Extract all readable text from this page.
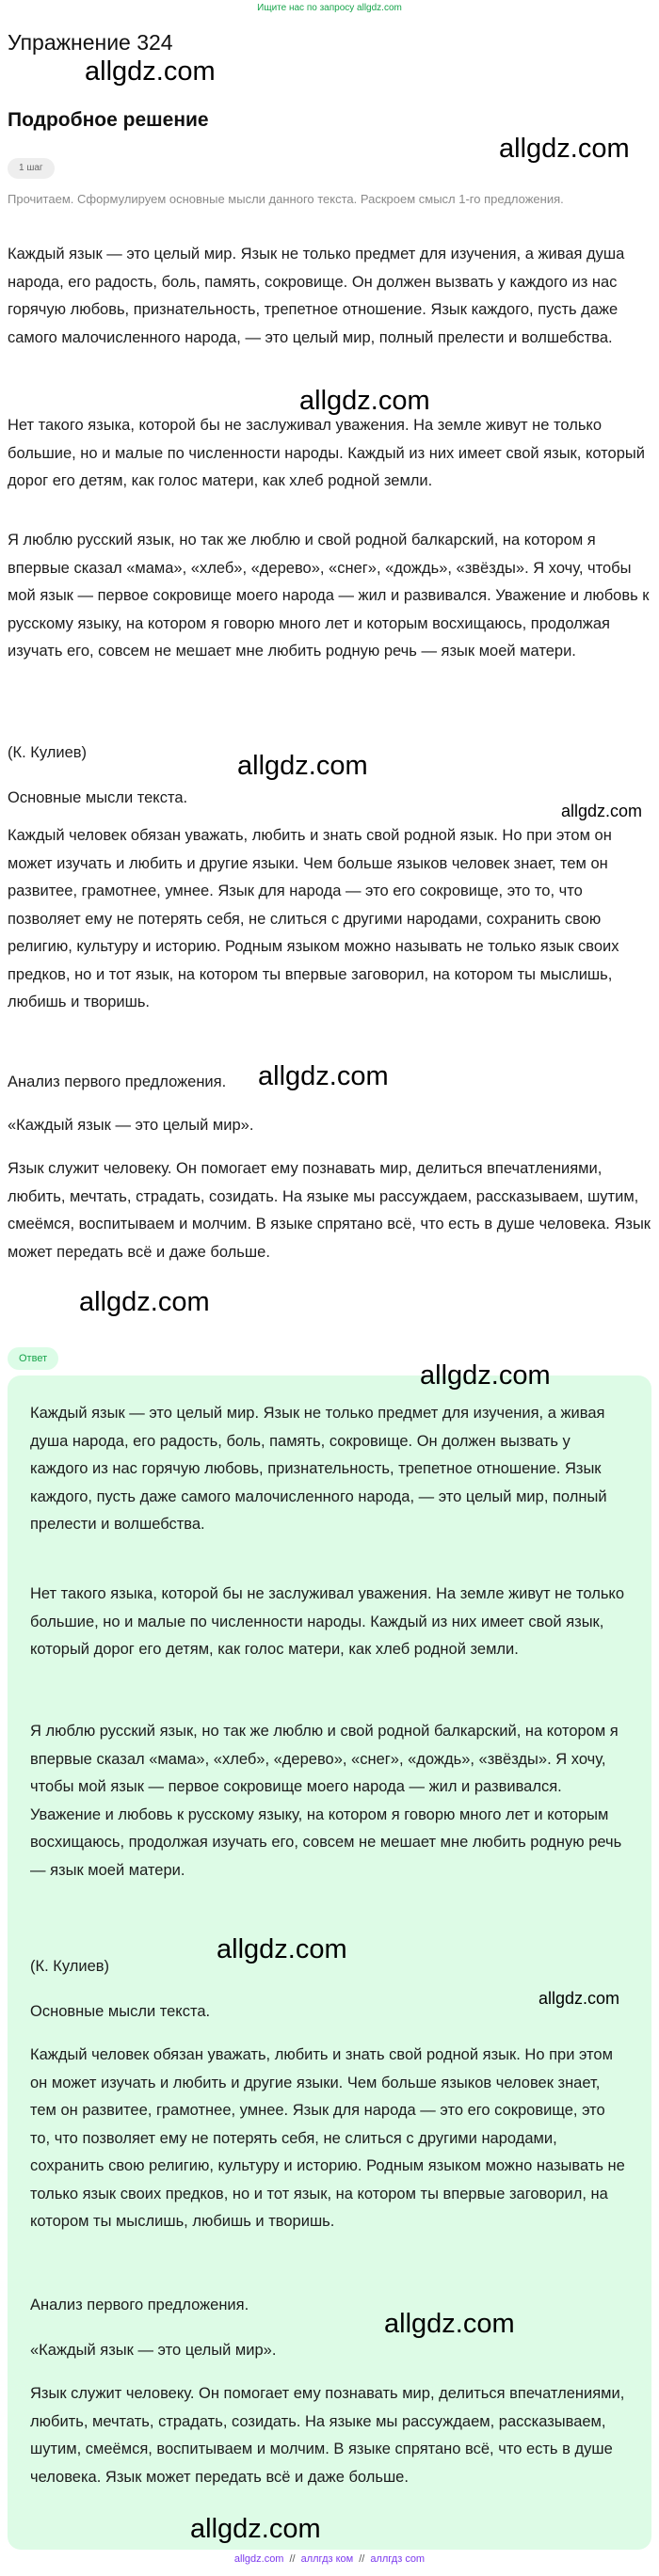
Ищите нас по запросу allgdz.com
Упражнение 324
Подробное решение
1 шаг
Прочитаем. Сформулируем основные мысли данного текста. Раскроем смысл 1-го предложения.

Каждый язык — это целый мир. Язык не только предмет для изучения, а живая душа народа, его радость, боль, память, сокровище. Он должен вызвать у каждого из нас горячую любовь, признательность, трепетное отношение. Язык каждого, пусть даже самого малочисленного народа, — это целый мир, полный прелести и волшебства.

Нет такого языка, которой бы не заслуживал уважения. На земле живут не только большие, но и малые по численности народы. Каждый из них имеет свой язык, который дорог его детям, как голос матери, как хлеб родной земли.

Я люблю русский язык, но так же люблю и свой родной балкарский, на котором я впервые сказал «мама», «хлеб», «дерево», «снег», «дождь», «звёзды». Я хочу, чтобы мой язык — первое сокровище моего народа — жил и развивался. Уважение и любовь к русскому языку, на котором я говорю много лет и которым восхищаюсь, продолжая изучать его, совсем не мешает мне любить родную речь — язык моей матери.

(К. Кулиев)

Основные мысли текста.

Каждый человек обязан уважать, любить и знать свой родной язык. Но при этом он может изучать и любить и другие языки. Чем больше языков человек знает, тем он развитее, грамотнее, умнее. Язык для народа — это его сокровище, это то, что позволяет ему не потерять себя, не слиться с другими народами, сохранить свою религию, культуру и историю. Родным языком можно называть не только язык своих предков, но и тот язык, на котором ты впервые заговорил, на котором ты мыслишь, любишь и творишь.

Анализ первого предложения.

«Каждый язык — это целый мир».

Язык служит человеку. Он помогает ему познавать мир, делиться впечатлениями, любить, мечтать, страдать, созидать. На языке мы рассуждаем, рассказываем, шутим, смеёмся, воспитываем и молчим. В языке спрятано всё, что есть в душе человека. Язык может передать всё и даже больше.

Ответ

Каждый язык — это целый мир. Язык не только предмет для изучения, а живая душа народа, его радость, боль, память, сокровище. Он должен вызвать у каждого из нас горячую любовь, признательность, трепетное отношение. Язык каждого, пусть даже самого малочисленного народа, — это целый мир, полный прелести и волшебства.

Нет такого языка, которой бы не заслуживал уважения. На земле живут не только большие, но и малые по численности народы. Каждый из них имеет свой язык, который дорог его детям, как голос матери, как хлеб родной земли.

Я люблю русский язык, но так же люблю и свой родной балкарский, на котором я впервые сказал «мама», «хлеб», «дерево», «снег», «дождь», «звёзды». Я хочу, чтобы мой язык — первое сокровище моего народа — жил и развивался. Уважение и любовь к русскому языку, на котором я говорю много лет и которым восхищаюсь, продолжая изучать его, совсем не мешает мне любить родную речь — язык моей матери.

(К. Кулиев)

Основные мысли текста.

Каждый человек обязан уважать, любить и знать свой родной язык. Но при этом он может изучать и любить и другие языки. Чем больше языков человек знает, тем он развитее, грамотнее, умнее. Язык для народа — это его сокровище, это то, что позволяет ему не потерять себя, не слиться с другими народами, сохранить свою религию, культуру и историю. Родным языком можно называть не только язык своих предков, но и тот язык, на котором ты впервые заговорил, на котором ты мыслишь, любишь и творишь.

Анализ первого предложения.

«Каждый язык — это целый мир».

Язык служит человеку. Он помогает ему познавать мир, делиться впечатлениями, любить, мечтать, страдать, созидать. На языке мы рассуждаем, рассказываем, шутим, смеёмся, воспитываем и молчим. В языке спрятано всё, что есть в душе человека. Язык может передать всё и даже больше.

allgdz.com
allgdz.com
allgdz.com
allgdz.com
allgdz.com
allgdz.com
allgdz.com
allgdz.com
allgdz.com
allgdz.com
allgdz.com
allgdz.com
allgdz.com // аллгдз ком // аллгдз com
